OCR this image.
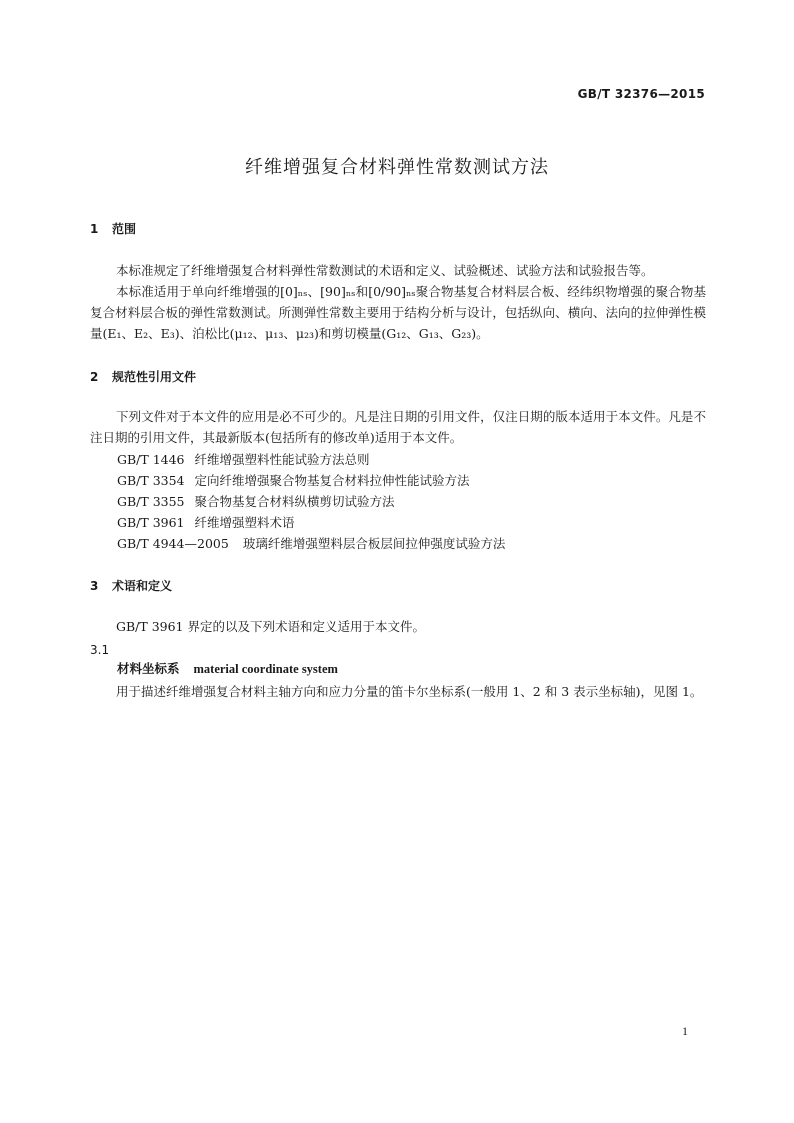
GB/T 32376—2015
纤维增强复合材料弹性常数测试方法
1 范围

本标准规定了纤维增强复合材料弹性常数测试的术语和定义、试验概述、试验方法和试验报告等。

本标准适用于单向纤维增强的[0]ₙₛ、[90]ₙₛ和[0/90]ₙₛ聚合物基复合材料层合板、经纬织物增强的聚合物基复合材料层合板的弹性常数测试。所测弹性常数主要用于结构分析与设计，包括纵向、横向、法向的拉伸弹性模量(E₁、E₂、E₃)、泊松比(μ₁₂、μ₁₃、μ₂₃)和剪切模量(G₁₂、G₁₃、G₂₃)。

2 规范性引用文件

下列文件对于本文件的应用是必不可少的。凡是注日期的引用文件，仅注日期的版本适用于本文件。凡是不注日期的引用文件，其最新版本(包括所有的修改单)适用于本文件。

GB/T 1446 纤维增强塑料性能试验方法总则
GB/T 3354 定向纤维增强聚合物基复合材料拉伸性能试验方法
GB/T 3355 聚合物基复合材料纵横剪切试验方法
GB/T 3961 纤维增强塑料术语
GB/T 4944—2005 玻璃纤维增强塑料层合板层间拉伸强度试验方法
3 术语和定义

GB/T 3961 界定的以及下列术语和定义适用于本文件。

3.1
材料坐标系 material coordinate system

用于描述纤维增强复合材料主轴方向和应力分量的笛卡尔坐标系(一般用 1、2 和 3 表示坐标轴)，见图 1。

1
